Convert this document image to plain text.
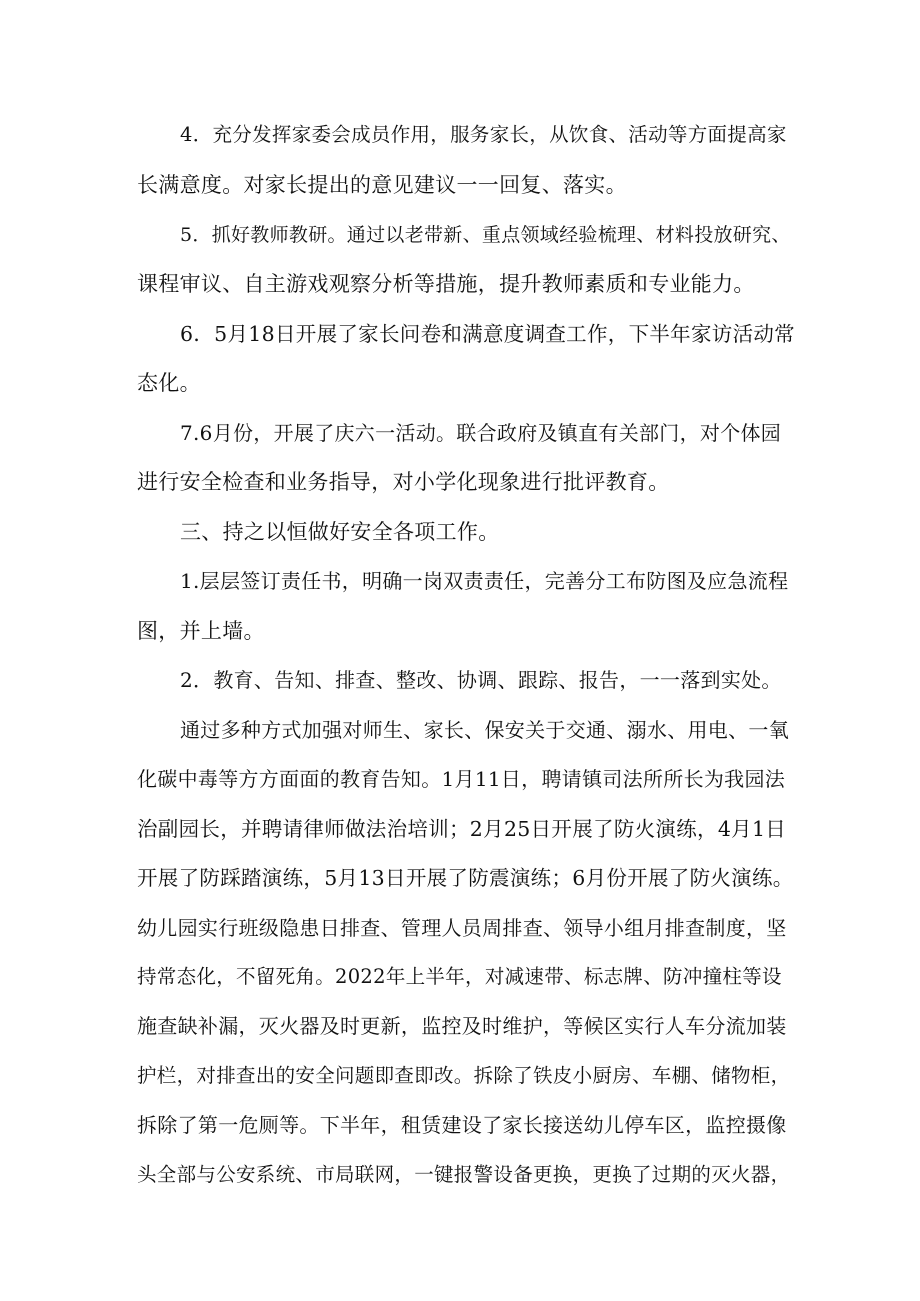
4．充分发挥家委会成员作用，服务家长，从饮食、活动等方面提高家
长满意度。对家长提出的意见建议一一回复、落实。
5．抓好教师教研。通过以老带新、重点领域经验梳理、材料投放研究、
课程审议、自主游戏观察分析等措施，提升教师素质和专业能力。
6．5月18日开展了家长问卷和满意度调查工作，下半年家访活动常
态化。
7.6月份，开展了庆六一活动。联合政府及镇直有关部门，对个体园
进行安全检查和业务指导，对小学化现象进行批评教育。
三、持之以恒做好安全各项工作。
1.层层签订责任书，明确一岗双责责任，完善分工布防图及应急流程
图，并上墙。
2．教育、告知、排查、整改、协调、跟踪、报告，一一落到实处。
通过多种方式加强对师生、家长、保安关于交通、溺水、用电、一氧
化碳中毒等方方面面的教育告知。1月11日，聘请镇司法所所长为我园法
治副园长，并聘请律师做法治培训；2月25日开展了防火演练，4月1日
开展了防踩踏演练，5月13日开展了防震演练；6月份开展了防火演练。
幼儿园实行班级隐患日排查、管理人员周排查、领导小组月排查制度，坚
持常态化，不留死角。2022年上半年，对减速带、标志牌、防冲撞柱等设
施查缺补漏，灭火器及时更新，监控及时维护，等候区实行人车分流加装
护栏，对排查出的安全问题即查即改。拆除了铁皮小厨房、车棚、储物柜，
拆除了第一危厕等。下半年，租赁建设了家长接送幼儿停车区，监控摄像
头全部与公安系统、市局联网，一键报警设备更换，更换了过期的灭火器，
